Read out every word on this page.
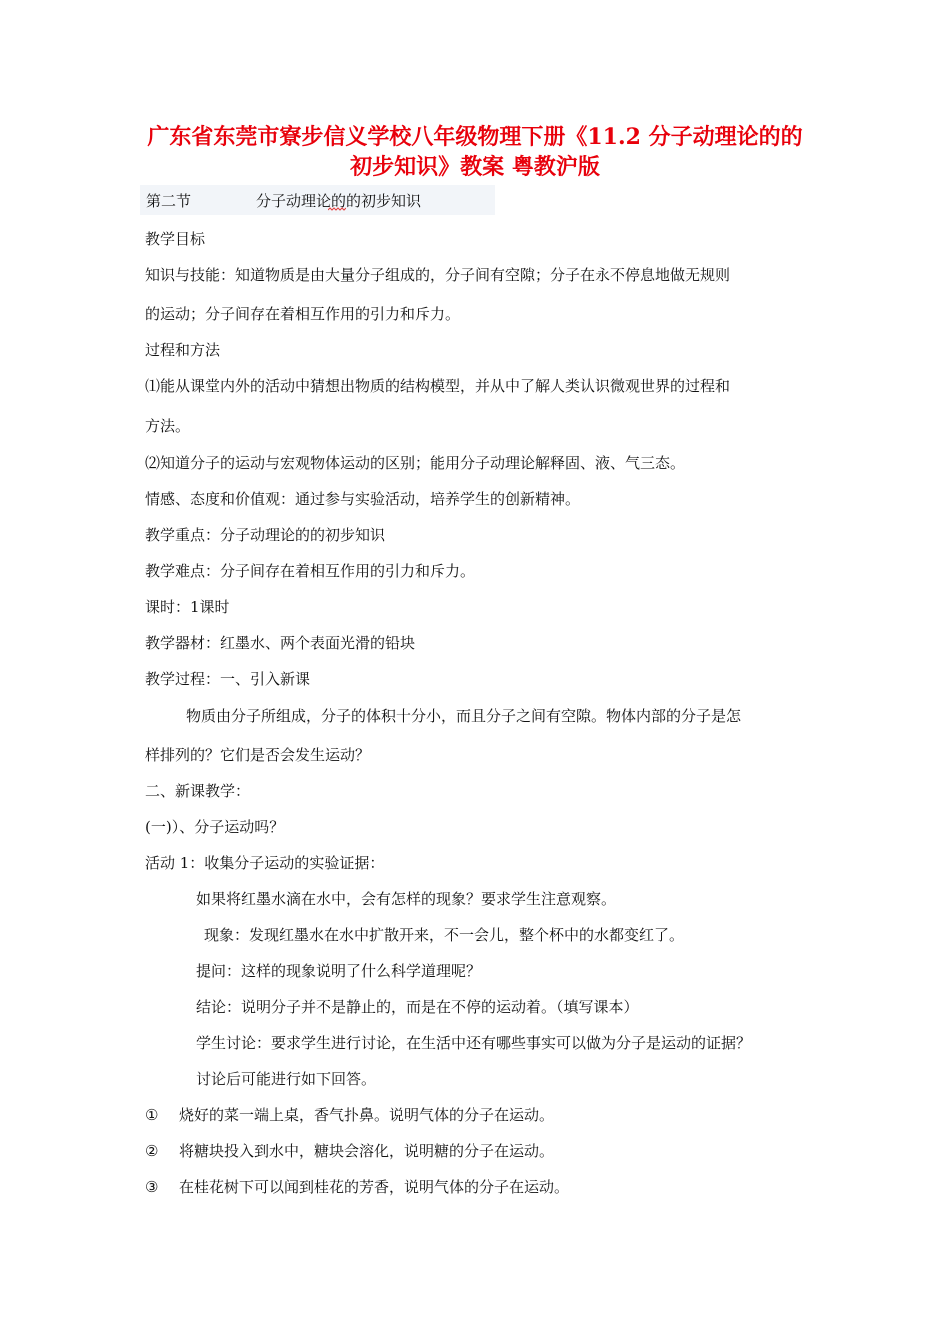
广东省东莞市寮步信义学校八年级物理下册《11.2 分子动理论的的
初步知识》教案 粤教沪版
第二节	分子动理论的的初步知识
教学目标
知识与技能：知道物质是由大量分子组成的，分子间有空隙；分子在永不停息地做无规则
的运动；分子间存在着相互作用的引力和斥力。
过程和方法
⑴能从课堂内外的活动中猜想出物质的结构模型，并从中了解人类认识微观世界的过程和
方法。
⑵知道分子的运动与宏观物体运动的区别；能用分子动理论解释固、液、气三态。
情感、态度和价值观：通过参与实验活动，培养学生的创新精神。
教学重点：分子动理论的的初步知识
教学难点：分子间存在着相互作用的引力和斥力。
课时：1课时
教学器材：红墨水、两个表面光滑的铅块
教学过程：一、引入新课
物质由分子所组成，分子的体积十分小，而且分子之间有空隙。物体内部的分子是怎
样排列的？它们是否会发生运动？
二、新课教学：
(一)）、分子运动吗？
活动 1：收集分子运动的实验证据：
如果将红墨水滴在水中，会有怎样的现象？要求学生注意观察。
现象：发现红墨水在水中扩散开来，不一会儿，整个杯中的水都变红了。
提问：这样的现象说明了什么科学道理呢？
结论：说明分子并不是静止的，而是在不停的运动着。（填写课本）
学生讨论：要求学生进行讨论，在生活中还有哪些事实可以做为分子是运动的证据？
讨论后可能进行如下回答。
① 烧好的菜一端上桌，香气扑鼻。说明气体的分子在运动。
② 将糖块投入到水中，糖块会溶化，说明糖的分子在运动。
③ 在桂花树下可以闻到桂花的芳香，说明气体的分子在运动。
